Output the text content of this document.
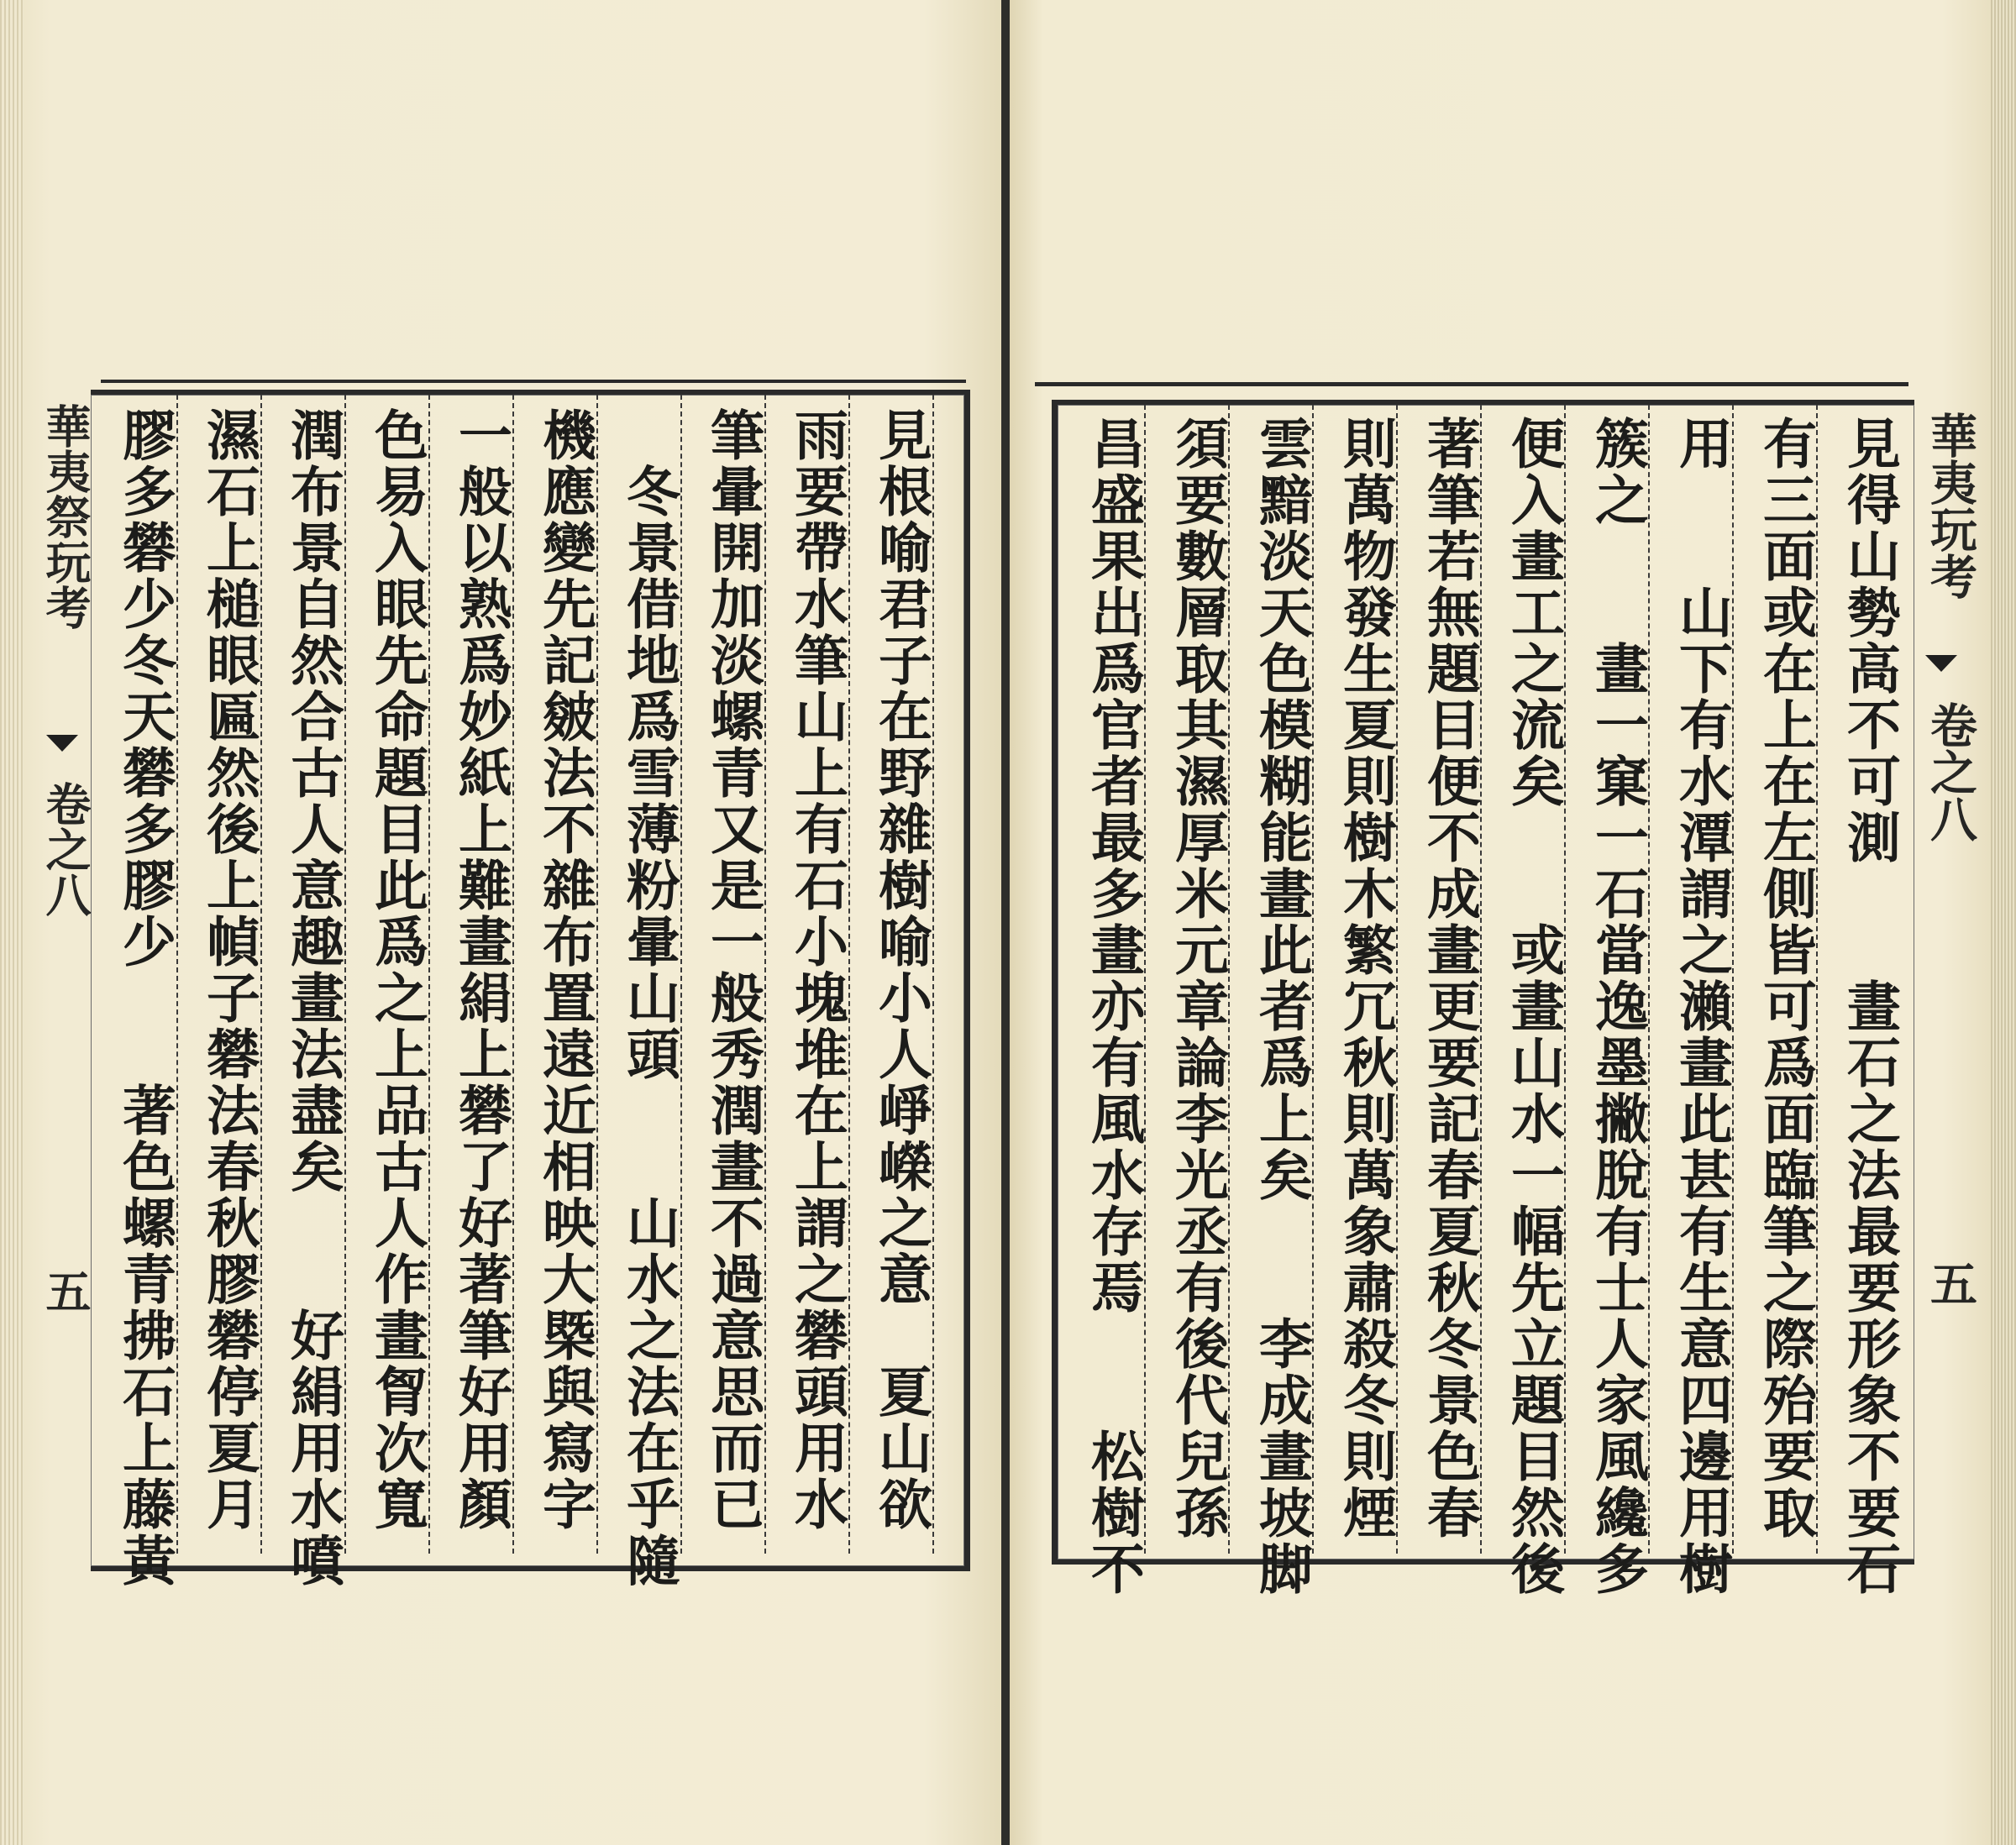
華夷祭玩考
卷之八
五	見根喻君子在野雜樹喻小人崢嶸之意　夏山欲
雨要帶水筆山上有石小塊堆在上謂之礬頭用水
筆暈開加淡螺青又是一般秀潤畫不過意思而已
　冬景借地爲雪薄粉暈山頭　　山水之法在乎隨
機應變先記皴法不雜布置遠近相映大槩與寫字
一般以熟爲妙紙上難畫絹上礬了好著筆好用顏
色易入眼先命題目此爲之上品古人作畫胷次寬
潤布景自然合古人意趣畫法盡矣　　好絹用水噴
濕石上槌眼匾然後上幀子礬法春秋膠礬停夏月
膠多礬少冬天礬多膠少　　著色螺青拂石上藤黃	見得山勢高不可測　　畫石之法最要形象不要石
有三面或在上在左側皆可爲面臨筆之際殆要取
用　　山下有水潭謂之瀨畫此甚有生意四邊用樹
簇之　　畫一窠一石當逸墨撇脫有士人家風纔多
便入畫工之流矣　　或畫山水一幅先立題目然後
著筆若無題目便不成畫更要記春夏秋冬景色春
則萬物發生夏則樹木繁冗秋則萬象肅殺冬則煙
雲黯淡天色模糊能畫此者爲上矣　　李成畫坡脚
須要數層取其濕厚米元章論李光丞有後代兒孫
昌盛果出爲官者最多畫亦有風水存焉　　松樹不	華夷玩考
卷之八
五
